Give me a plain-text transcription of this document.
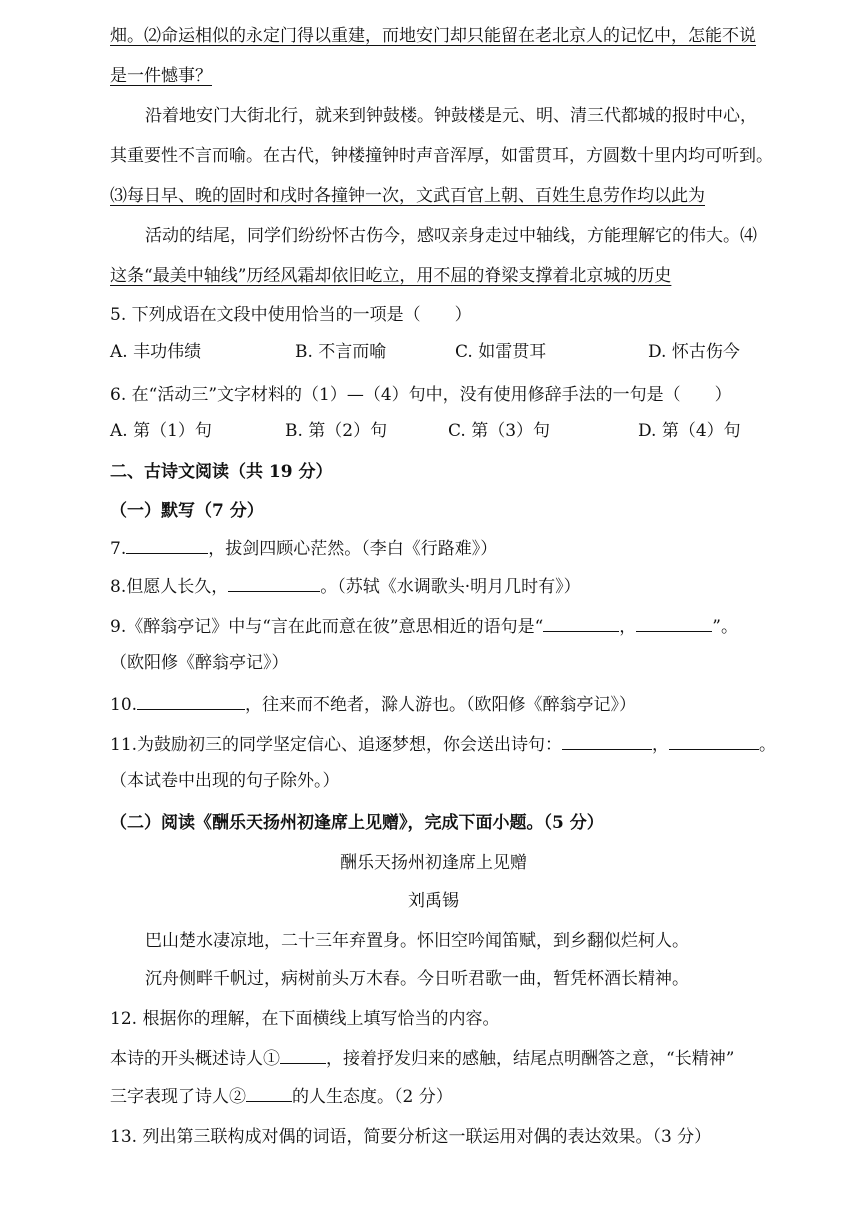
畑。⑵命运相似的永定门得以重建，而地安门却只能留在老北京人的记忆中，怎能不说
是一件憾事？
沿着地安门大街北行，就来到钟鼓楼。钟鼓楼是元、明、清三代都城的报时中心，
其重要性不言而喻。在古代，钟楼撞钟时声音浑厚，如雷贯耳，方圆数十里内均可听到。
⑶每日早、晚的固时和戌时各撞钟一次，文武百官上朝、百姓生息劳作均以此为
活动的结尾，同学们纷纷怀古伤今，感叹亲身走过中轴线，方能理解它的伟大。⑷
这条“最美中轴线”历经风霜却依旧屹立，用不屈的脊梁支撑着北京城的历史
5. 下列成语在文段中使用恰当的一项是（　　）
A. 丰功伟绩	B. 不言而喻	C. 如雷贯耳	D. 怀古伤今
6. 在“活动三”文字材料的（1）—（4）句中，没有使用修辞手法的一句是（　　）
A. 第（1）句	B. 第（2）句	C. 第（3）句	D. 第（4）句
二、古诗文阅读（共 19 分）
（一）默写（7 分）
7.	，拔剑四顾心茫然。（李白《行路难》）
8.但愿人长久，	。（苏轼《水调歌头·明月几时有》）
9.《醉翁亭记》中与“言在此而意在彼”意思相近的语句是“	，	”。
（欧阳修《醉翁亭记》）
10.	，往来而不绝者，滁人游也。（欧阳修《醉翁亭记》）
11.为鼓励初三的同学坚定信心、追逐梦想，你会送出诗句：	，	。
（本试卷中出现的句子除外。）
（二）阅读《酬乐天扬州初逢席上见赠》，完成下面小题。（5 分）
酬乐天扬州初逢席上见赠
刘禹锡
巴山楚水凄凉地，二十三年弃置身。怀旧空吟闻笛赋，到乡翻似烂柯人。
沉舟侧畔千帆过，病树前头万木春。今日听君歌一曲，暂凭杯酒长精神。
12. 根据你的理解，在下面横线上填写恰当的内容。
本诗的开头概述诗人①	，接着抒发归来的感触，结尾点明酬答之意，“长精神”
三字表现了诗人②	的人生态度。（2 分）
13. 列出第三联构成对偶的词语，简要分析这一联运用对偶的表达效果。（3 分）
